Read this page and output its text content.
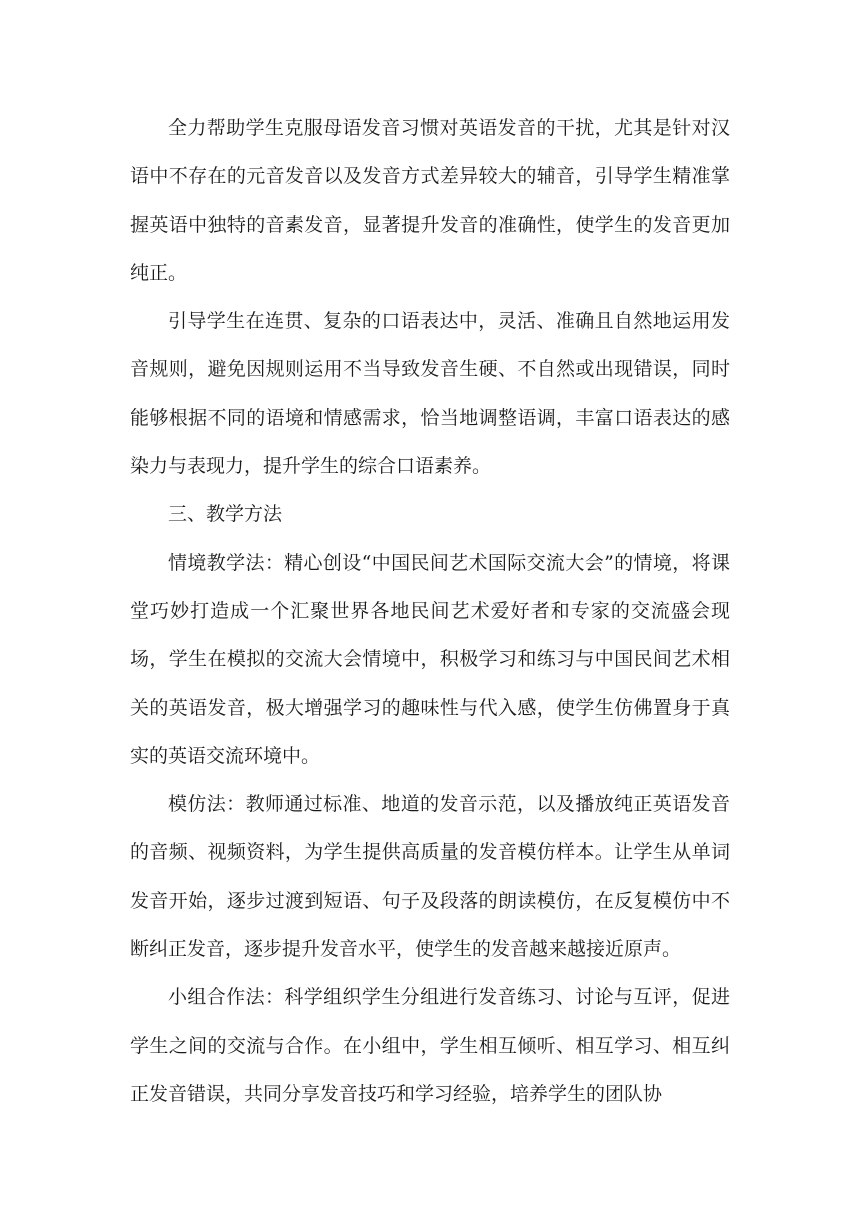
全力帮助学生克服母语发音习惯对英语发音的干扰，尤其是针对汉语中不存在的元音发音以及发音方式差异较大的辅音，引导学生精准掌握英语中独特的音素发音，显著提升发音的准确性，使学生的发音更加纯正。

引导学生在连贯、复杂的口语表达中，灵活、准确且自然地运用发音规则，避免因规则运用不当导致发音生硬、不自然或出现错误，同时能够根据不同的语境和情感需求，恰当地调整语调，丰富口语表达的感染力与表现力，提升学生的综合口语素养。

三、教学方法

情境教学法：精心创设“中国民间艺术国际交流大会”的情境，将课堂巧妙打造成一个汇聚世界各地民间艺术爱好者和专家的交流盛会现场，学生在模拟的交流大会情境中，积极学习和练习与中国民间艺术相关的英语发音，极大增强学习的趣味性与代入感，使学生仿佛置身于真实的英语交流环境中。

模仿法：教师通过标准、地道的发音示范，以及播放纯正英语发音的音频、视频资料，为学生提供高质量的发音模仿样本。让学生从单词发音开始，逐步过渡到短语、句子及段落的朗读模仿，在反复模仿中不断纠正发音，逐步提升发音水平，使学生的发音越来越接近原声。

小组合作法：科学组织学生分组进行发音练习、讨论与互评，促进学生之间的交流与合作。在小组中，学生相互倾听、相互学习、相互纠正发音错误，共同分享发音技巧和学习经验，培养学生的团队协
